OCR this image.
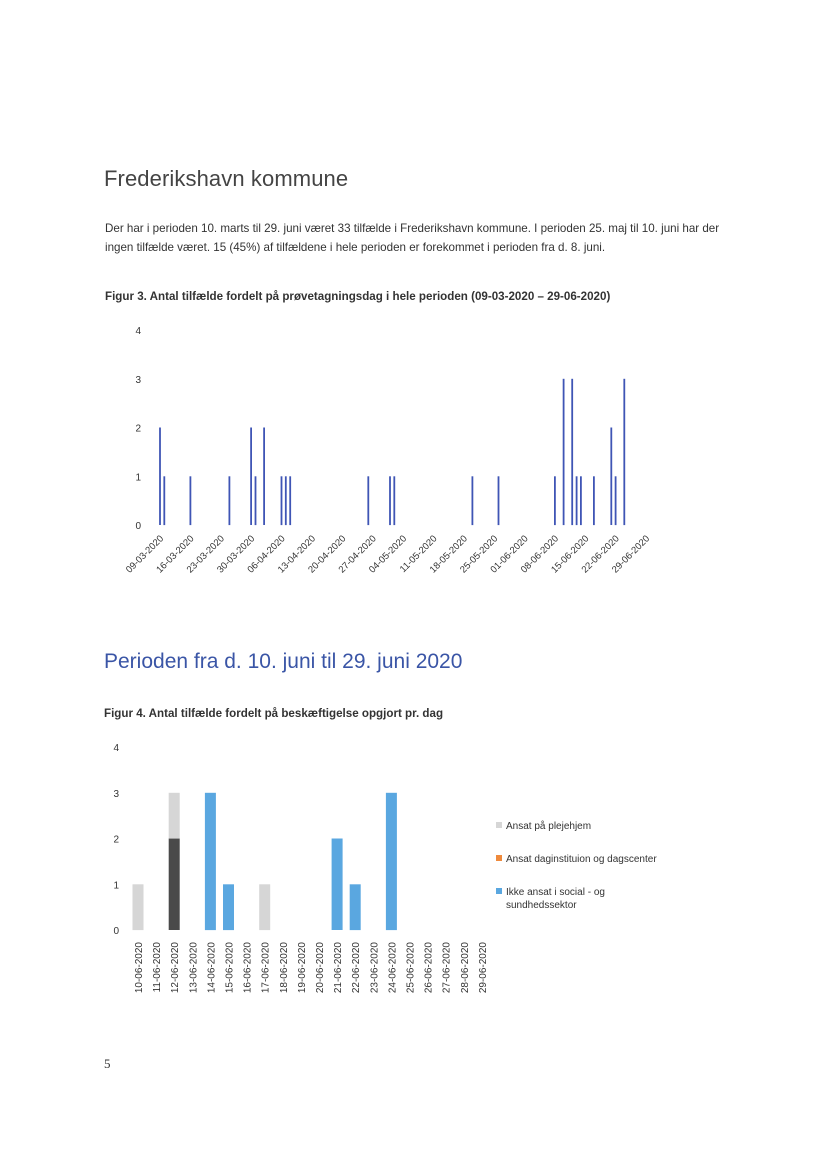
Frederikshavn kommune

Der har i perioden 10. marts til 29. juni været 33 tilfælde i Frederikshavn kommune. I perioden 25. maj til 10. juni har der ingen tilfælde været. 15 (45%) af tilfældene i hele perioden er forekommet i perioden fra d. 8. juni.

Figur 3. Antal tilfælde fordelt på prøvetagningsdag i hele perioden (09-03-2020 – 29-06-2020)

0
1
2
3
4
09-03-2020
16-03-2020
23-03-2020
30-03-2020
06-04-2020
13-04-2020
20-04-2020
27-04-2020
04-05-2020
11-05-2020
18-05-2020
25-05-2020
01-06-2020
08-06-2020
15-06-2020
22-06-2020
29-06-2020
0
1
2
3
4
10-06-2020 11-06-2020 12-06-2020 13-06-2020 14-06-2020 15-06-2020 16-06-2020 17-06-2020 18-06-2020 19-06-2020 20-06-2020 21-06-2020 22-06-2020 23-06-2020 24-06-2020 25-06-2020 26-06-2020 27-06-2020 28-06-2020 29-06-2020
Ansat på plejehjem
Ansat daginstituion og dagscenter
Ikke ansat i social - og
sundhedssektor
Perioden fra d. 10. juni til 29. juni 2020

Figur 4. Antal tilfælde fordelt på beskæftigelse opgjort pr. dag

5
